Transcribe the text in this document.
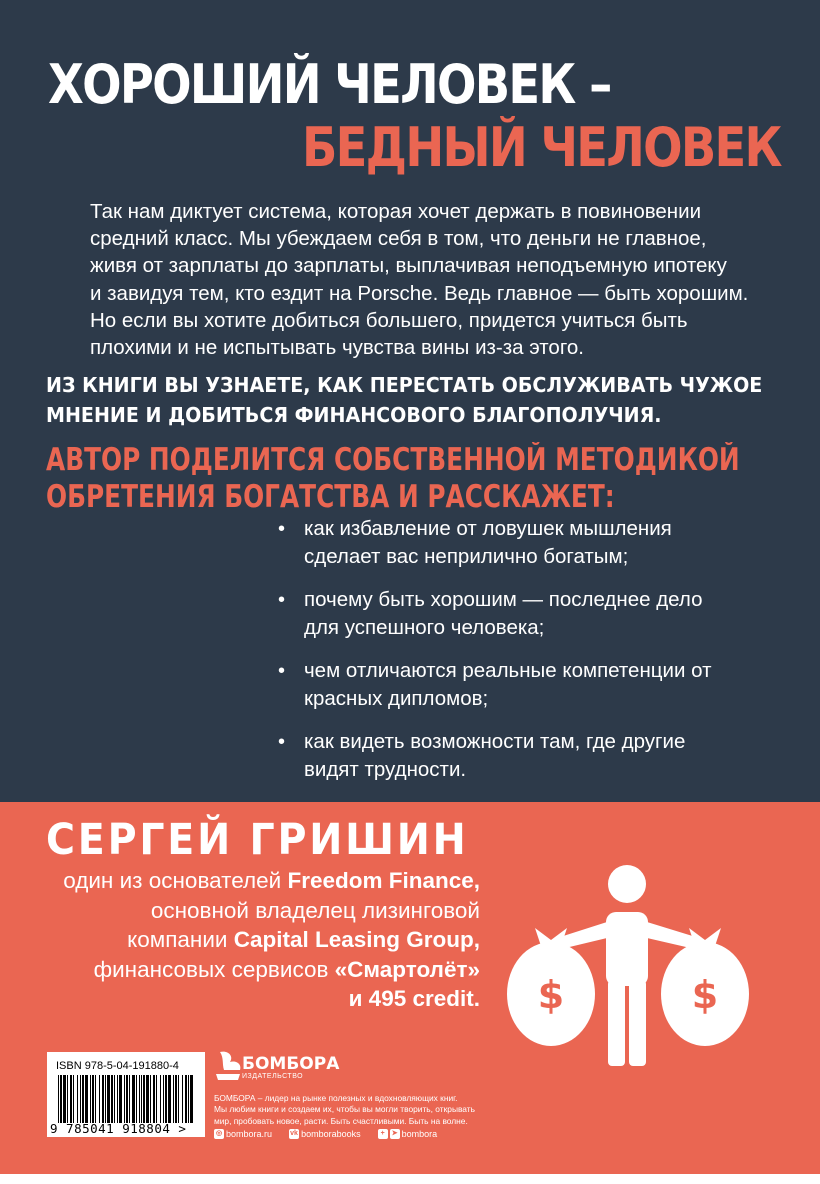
ХОРОШИЙ ЧЕЛОВЕК –
БЕДНЫЙ ЧЕЛОВЕК
Так нам диктует система, которая хочет держать в повиновении
средний класс. Мы убеждаем себя в том, что деньги не главное,
живя от зарплаты до зарплаты, выплачивая неподъемную ипотеку
и завидуя тем, кто ездит на Porsche. Ведь главное — быть хорошим.
Но если вы хотите добиться большего, придется учиться быть
плохими и не испытывать чувства вины из-за этого.
ИЗ КНИГИ ВЫ УЗНАЕТЕ, КАК ПЕРЕСТАТЬ ОБСЛУЖИВАТЬ ЧУЖОЕ
МНЕНИЕ И ДОБИТЬСЯ ФИНАНСОВОГО БЛАГОПОЛУЧИЯ.
АВТОР ПОДЕЛИТСЯ СОБСТВЕННОЙ МЕТОДИКОЙ
ОБРЕТЕНИЯ БОГАТСТВА И РАССКАЖЕТ:
• как избавление от ловушек мышления
сделает вас неприлично богатым;
• почему быть хорошим — последнее дело
для успешного человека;
• чем отличаются реальные компетенции от
красных дипломов;
• как видеть возможности там, где другие
видят трудности.
СЕРГЕЙ ГРИШИН
один из основателей Freedom Finance,
основной владелец лизинговой
компании Capital Leasing Group,
финансовых сервисов «Смартолёт»
и 495 credit. $	$
ISBN 978-5-04-191880-4
9 785041 918804 >
БОМБОРА
ИЗДАТЕЛЬСТВО
БОМБОРА – лидер на рынке полезных и вдохновляющих книг.
Мы любим книги и создаем их, чтобы вы могли творить, открывать
мир, пробовать новое, расти. Быть счастливыми. Быть на волне.
◎ bombora.ru	vk bomborabooks	+ ➤ bombora
